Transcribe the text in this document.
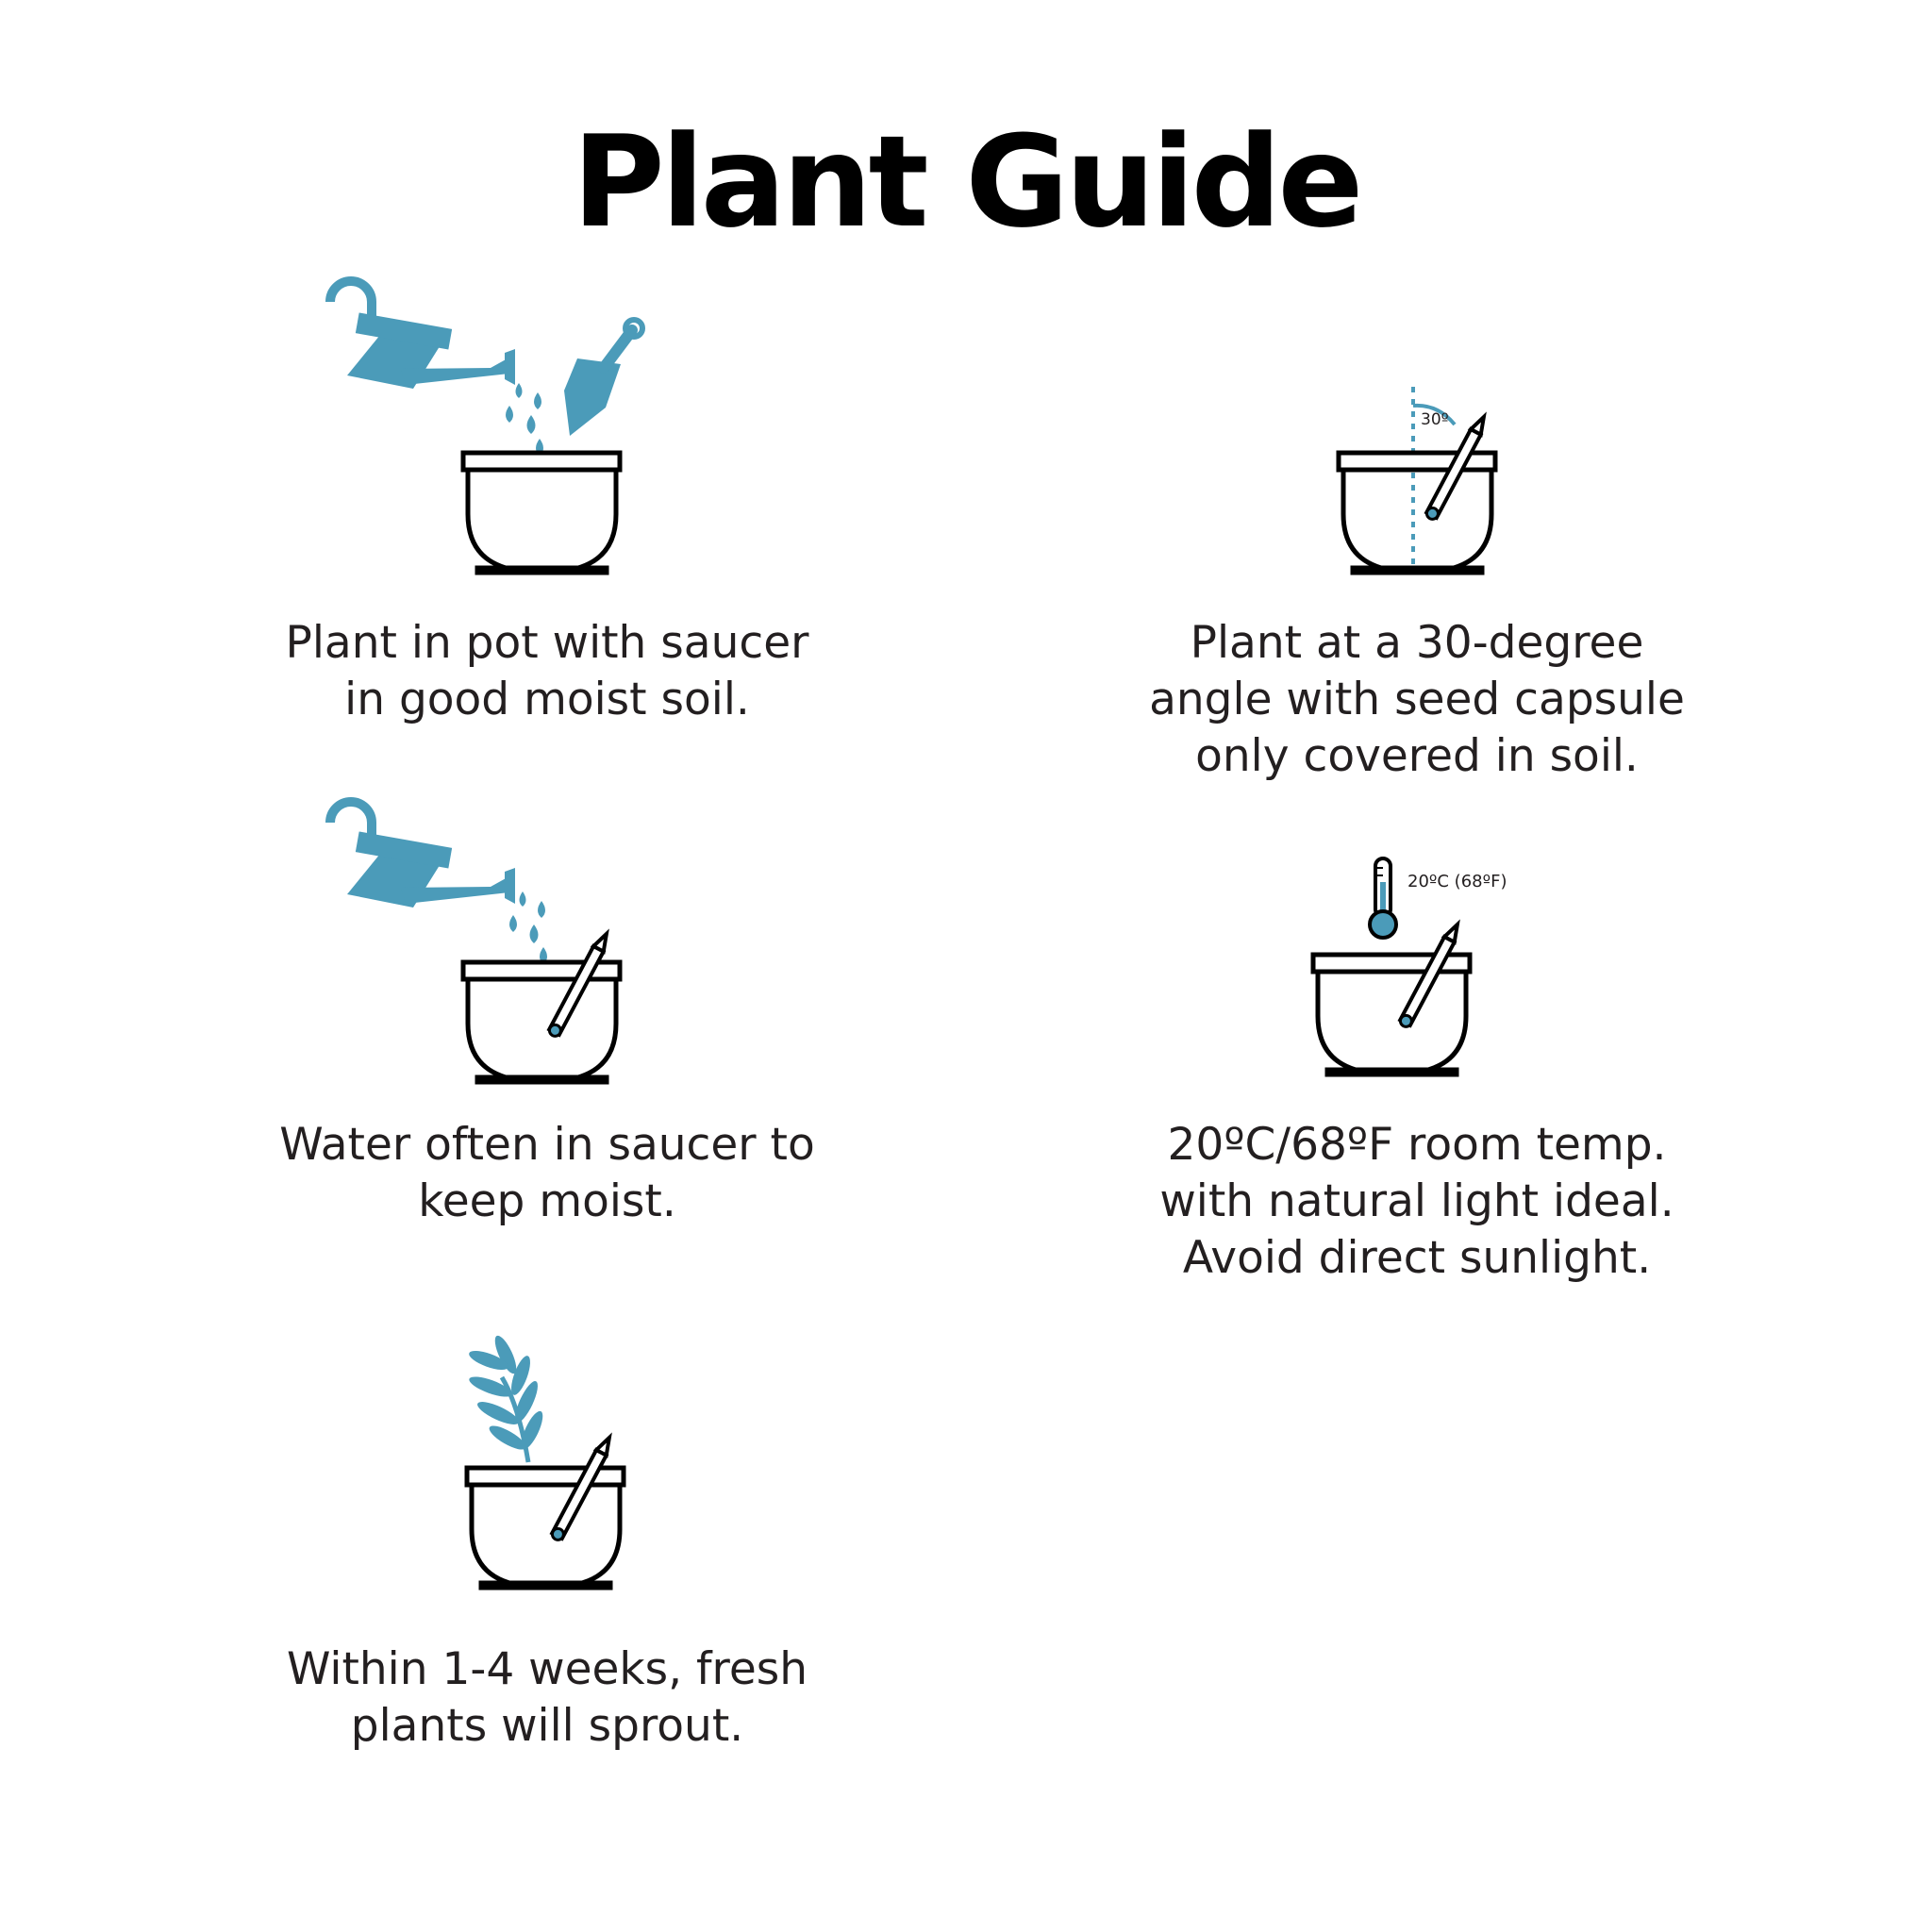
Plant Guide

Plant in pot with saucer
in good moist soil.

30º

Plant at a 30-degree
angle with seed capsule
only covered in soil.

Water often in saucer to
keep moist.

20ºC (68ºF)

20ºC/68ºF room temp.
with natural light ideal.
Avoid direct sunlight.

Within 1-4 weeks, fresh
plants will sprout.
